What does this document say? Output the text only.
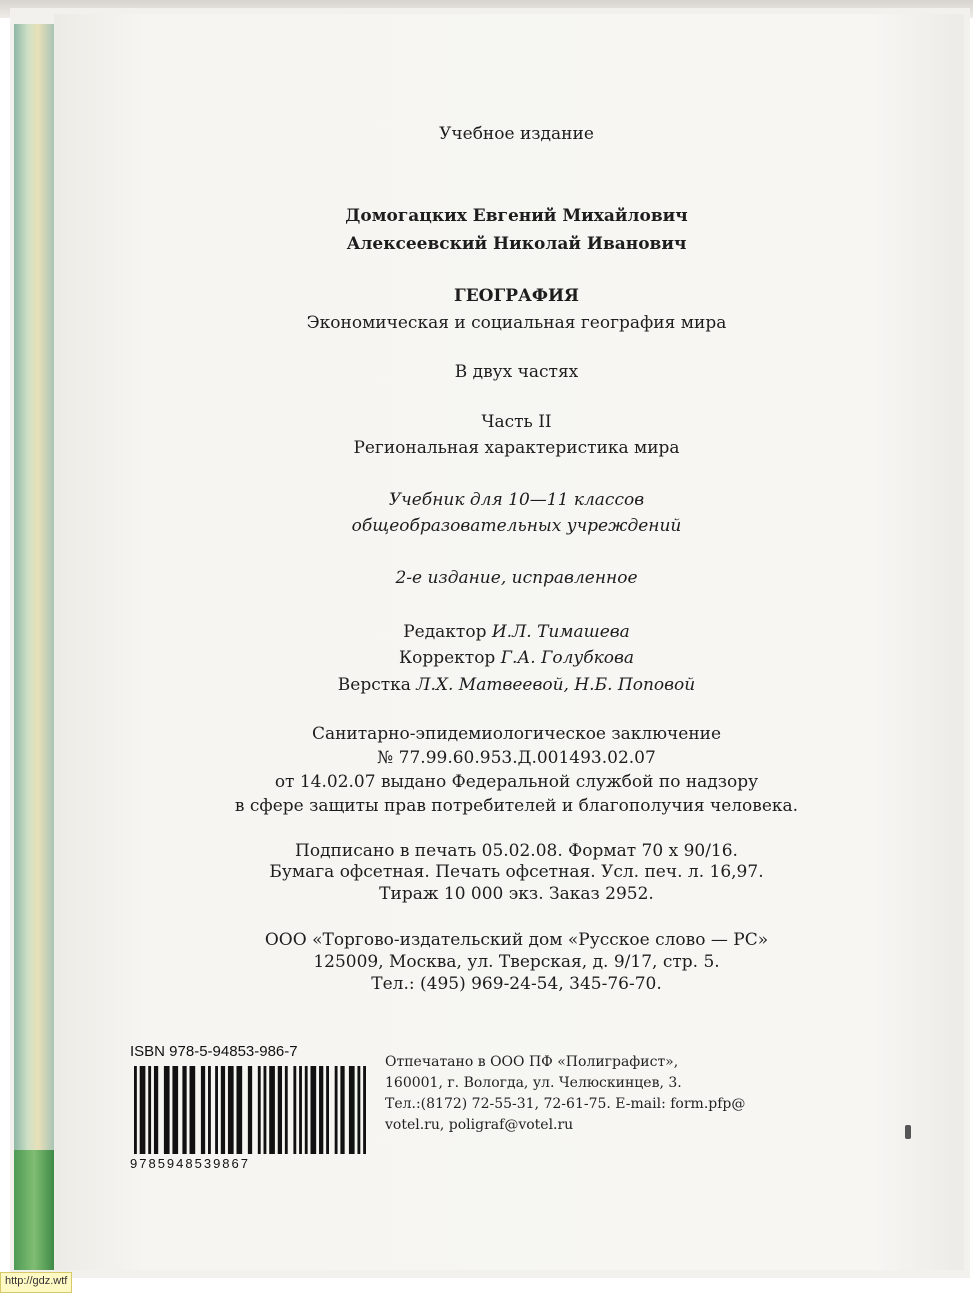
Учебное издание
Домогацких Евгений Михайлович
Алексеевский Николай Иванович
ГЕОГРАФИЯ
Экономическая и социальная география мира
В двух частях
Часть II
Региональная характеристика мира
Учебник для 10—11 классов
общеобразовательных учреждений
2-е издание, исправленное
Редактор И.Л. Тимашева
Корректор Г.А. Голубкова
Верстка Л.Х. Матвеевой, Н.Б. Поповой
Санитарно-эпидемиологическое заключение
№ 77.99.60.953.Д.001493.02.07
от 14.02.07 выдано Федеральной службой по надзору
в сфере защиты прав потребителей и благополучия человека.
Подписано в печать 05.02.08. Формат 70 х 90/16.
Бумага офсетная. Печать офсетная. Усл. печ. л. 16,97.
Тираж 10 000 экз. Заказ 2952.
ООО «Торгово-издательский дом «Русское слово — РС»
125009, Москва, ул. Тверская, д. 9/17, стр. 5.
Тел.: (495) 969-24-54, 345-76-70.
ISBN 978-5-94853-986-7
9785948539867
Отпечатано в ООО ПФ «Полиграфист»,
160001, г. Вологда, ул. Челюскинцев, 3.
Тел.:(8172) 72-55-31, 72-61-75. E-mail: form.pfp@
votel.ru, poligraf@votel.ru
http://gdz.wtf
